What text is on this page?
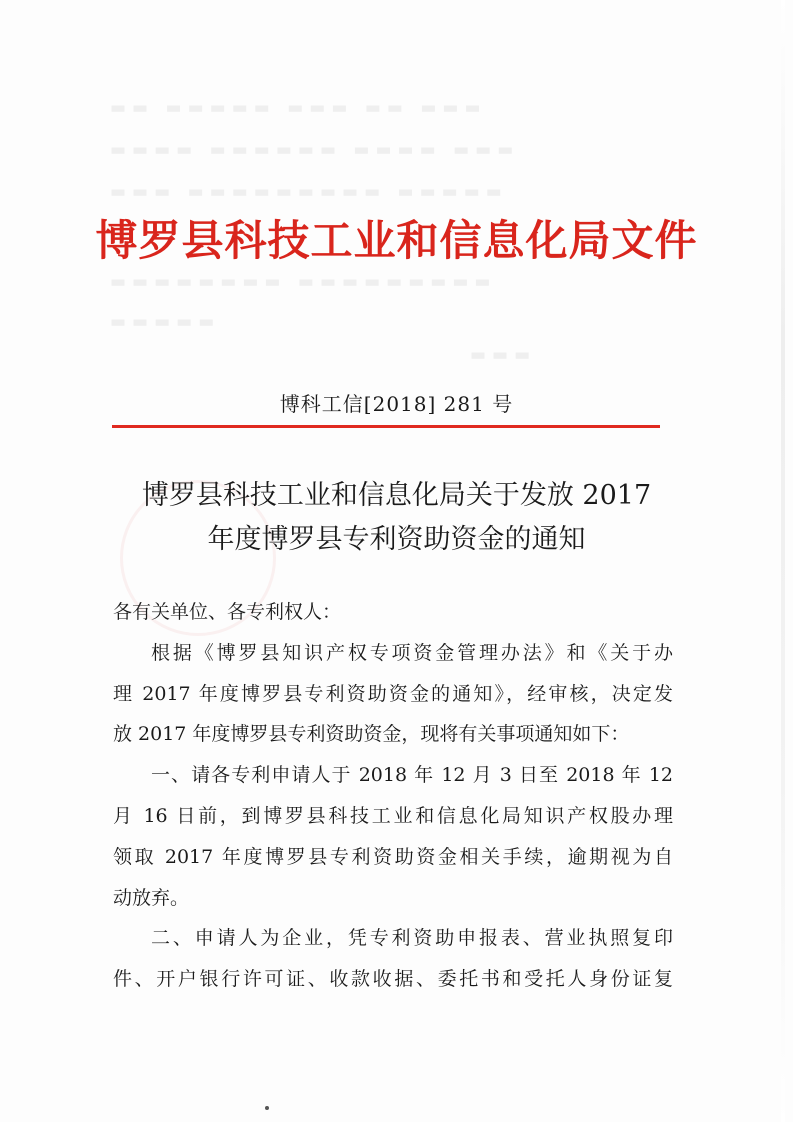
▬▬ ▬▬▬▬▬ ▬▬▬ ▬▬ ▬▬▬
▬▬▬▬ ▬▬▬▬▬▬ ▬▬▬▬ ▬▬▬
▬▬▬ ▬▬▬▬▬▬▬▬▬ ▬▬▬▬▬
▬▬▬▬▬▬▬▬ ▬▬▬▬▬▬▬▬▬
▬▬▬▬▬
▬▬▬
博罗县科技工业和信息化局文件
博科工信[2018] 281 号
博罗县科技工业和信息化局关于发放 2017
年度博罗县专利资助资金的通知
各有关单位、各专利权人：
根据《博罗县知识产权专项资金管理办法》和《关于办
理 2017 年度博罗县专利资助资金的通知》，经审核，决定发
放 2017 年度博罗县专利资助资金，现将有关事项通知如下：
一、请各专利申请人于 2018 年 12 月 3 日至 2018 年 12
月 16 日前，到博罗县科技工业和信息化局知识产权股办理
领取 2017 年度博罗县专利资助资金相关手续，逾期视为自
动放弃。
二、申请人为企业，凭专利资助申报表、营业执照复印
件、开户银行许可证、收款收据、委托书和受托人身份证复
